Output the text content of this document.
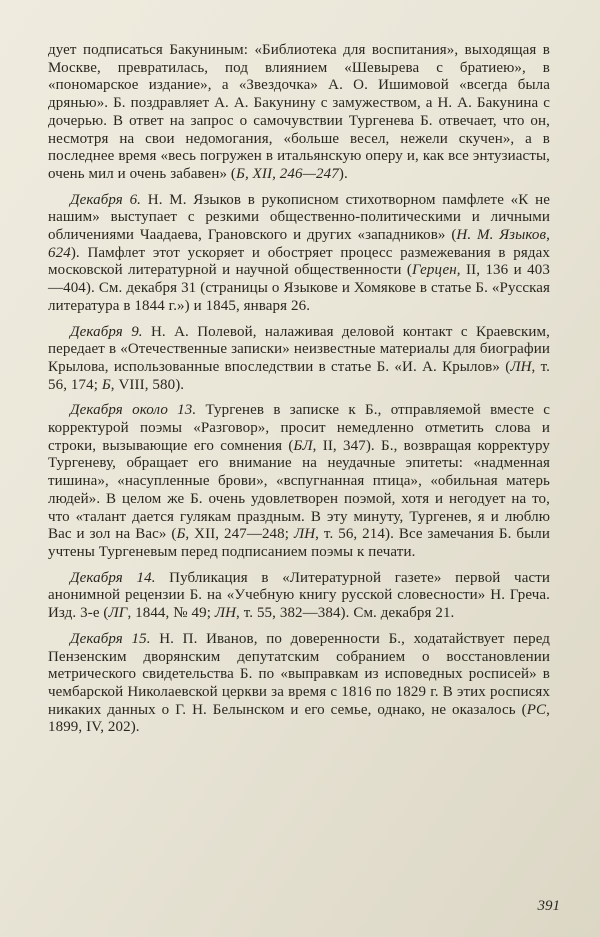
дует подписаться Бакуниным: «Библиотека для воспитания», выходящая в Москве, превратилась, под влиянием «Шевырева с братиею», в «пономарское издание», а «Звездочка» А. О. Ишимовой «всегда была дрянью». Б. поздравляет А. А. Бакунину с замужеством, а Н. А. Бакунина с дочерью. В ответ на запрос о самочувствии Тургенева Б. отвечает, что он, несмотря на свои недомогания, «больше весел, нежели скучен», а в последнее время «весь погружен в итальянскую оперу и, как все энтузиасты, очень мил и очень забавен» (Б, XII, 246—247).

Декабря 6. Н. М. Языков в рукописном стихотворном памфлете «К не нашим» выступает с резкими общественно-политическими и личными обличениями Чаадаева, Грановского и других «западников» (Н. М. Языков, 624). Памфлет этот ускоряет и обостряет процесс размежевания в рядах московской литературной и научной общественности (Герцен, II, 136 и 403—404). См. декабря 31 (страницы о Языкове и Хомякове в статье Б. «Русская литература в 1844 г.») и 1845, января 26.

Декабря 9. Н. А. Полевой, налаживая деловой контакт с Краевским, передает в «Отечественные записки» неизвестные материалы для биографии Крылова, использованные впоследствии в статье Б. «И. А. Крылов» (ЛН, т. 56, 174; Б, VIII, 580).

Декабря около 13. Тургенев в записке к Б., отправляемой вместе с корректурой поэмы «Разговор», просит немедленно отметить слова и строки, вызывающие его сомнения (БЛ, II, 347). Б., возвращая корректуру Тургеневу, обращает его внимание на неудачные эпитеты: «надменная тишина», «насупленные брови», «вспугнанная птица», «обильная матерь людей». В целом же Б. очень удовлетворен поэмой, хотя и негодует на то, что «талант дается гулякам праздным. В эту минуту, Тургенев, я и люблю Вас и зол на Вас» (Б, XII, 247—248; ЛН, т. 56, 214). Все замечания Б. были учтены Тургеневым перед подписанием поэмы к печати.

Декабря 14. Публикация в «Литературной газете» первой части анонимной рецензии Б. на «Учебную книгу русской словесности» Н. Греча. Изд. 3-е (ЛГ, 1844, № 49; ЛН, т. 55, 382—384). См. декабря 21.

Декабря 15. Н. П. Иванов, по доверенности Б., ходатайствует перед Пензенским дворянским депутатским собранием о восстановлении метрического свидетельства Б. по «выправкам из исповедных росписей» в чембарской Николаевской церкви за время с 1816 по 1829 г. В этих росписях никаких данных о Г. Н. Белынском и его семье, однако, не оказалось (РС, 1899, IV, 202).

391
